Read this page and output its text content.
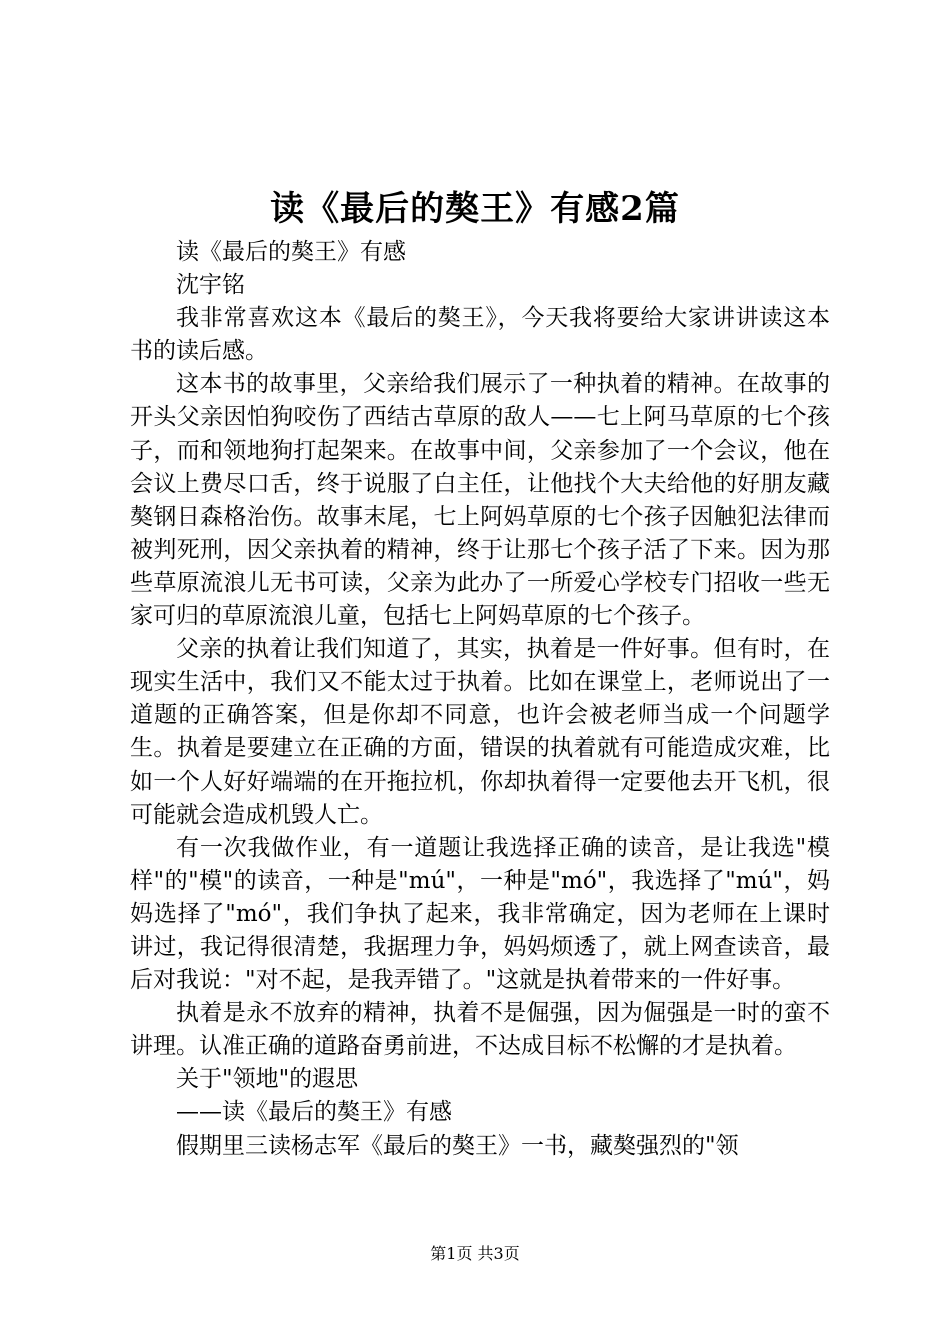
读《最后的獒王》有感2篇

读《最后的獒王》有感

沈宇铭

我非常喜欢这本《最后的獒王》，今天我将要给大家讲讲读这本书的读后感。

这本书的故事里，父亲给我们展示了一种执着的精神。在故事的开头父亲因怕狗咬伤了西结古草原的敌人——七上阿马草原的七个孩子，而和领地狗打起架来。在故事中间，父亲参加了一个会议，他在会议上费尽口舌，终于说服了白主任，让他找个大夫给他的好朋友藏獒钢日森格治伤。故事末尾，七上阿妈草原的七个孩子因触犯法律而被判死刑，因父亲执着的精神，终于让那七个孩子活了下来。因为那些草原流浪儿无书可读，父亲为此办了一所爱心学校专门招收一些无家可归的草原流浪儿童，包括七上阿妈草原的七个孩子。

父亲的执着让我们知道了，其实，执着是一件好事。但有时，在现实生活中，我们又不能太过于执着。比如在课堂上，老师说出了一道题的正确答案，但是你却不同意，也许会被老师当成一个问题学生。执着是要建立在正确的方面，错误的执着就有可能造成灾难，比如一个人好好端端的在开拖拉机，你却执着得一定要他去开飞机，很可能就会造成机毁人亡。

有一次我做作业，有一道题让我选择正确的读音，是让我选"模样"的"模"的读音，一种是"mú"，一种是"mó"，我选择了"mú"，妈妈选择了"mó"，我们争执了起来，我非常确定，因为老师在上课时讲过，我记得很清楚，我据理力争，妈妈烦透了，就上网查读音，最后对我说："对不起，是我弄错了。"这就是执着带来的一件好事。

执着是永不放弃的精神，执着不是倔强，因为倔强是一时的蛮不讲理。认准正确的道路奋勇前进，不达成目标不松懈的才是执着。

关于"领地"的遐思

——读《最后的獒王》有感

假期里三读杨志军《最后的獒王》一书，藏獒强烈的"领

第1页 共3页
